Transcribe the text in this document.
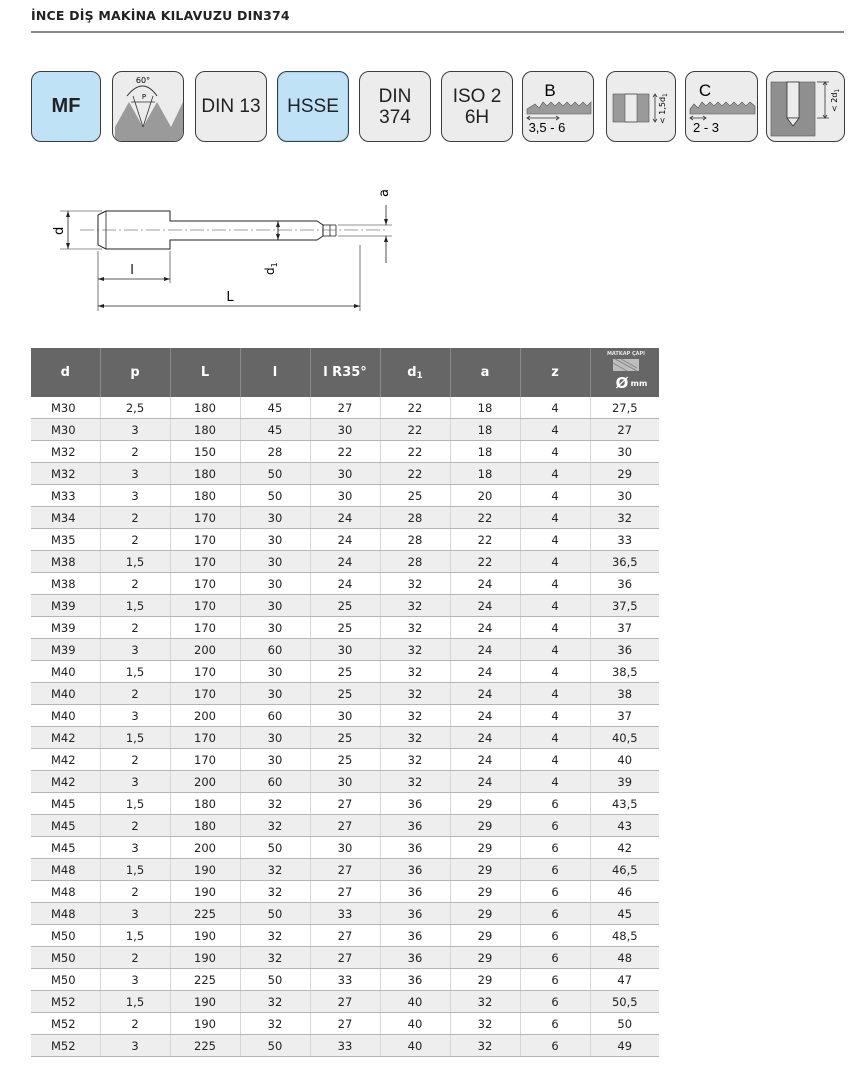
İNCE DİŞ MAKİNA KILAVUZU DIN374
MF
60°
P	DIN 13 HSSE DIN
374
ISO 2
6H
B
3,5 - 6
< $1,5d_1$ C
2 - 3
< $2d_1$
d
l
L
$d_1$
a
d	p	L	l	l R35°	$d_1$	a	z	MATKAP ÇAPI
Ø mm

M30	2,5	180	45	27	22	18	4	27,5
M30	3	180	45	30	22	18	4	27
M32	2	150	28	22	22	18	4	30
M32	3	180	50	30	22	18	4	29
M33	3	180	50	30	25	20	4	30
M34	2	170	30	24	28	22	4	32
M35	2	170	30	24	28	22	4	33
M38	1,5	170	30	24	28	22	4	36,5
M38	2	170	30	24	32	24	4	36
M39	1,5	170	30	25	32	24	4	37,5
M39	2	170	30	25	32	24	4	37
M39	3	200	60	30	32	24	4	36
M40	1,5	170	30	25	32	24	4	38,5
M40	2	170	30	25	32	24	4	38
M40	3	200	60	30	32	24	4	37
M42	1,5	170	30	25	32	24	4	40,5
M42	2	170	30	25	32	24	4	40
M42	3	200	60	30	32	24	4	39
M45	1,5	180	32	27	36	29	6	43,5
M45	2	180	32	27	36	29	6	43
M45	3	200	50	30	36	29	6	42
M48	1,5	190	32	27	36	29	6	46,5
M48	2	190	32	27	36	29	6	46
M48	3	225	50	33	36	29	6	45
M50	1,5	190	32	27	36	29	6	48,5
M50	2	190	32	27	36	29	6	48
M50	3	225	50	33	36	29	6	47
M52	1,5	190	32	27	40	32	6	50,5
M52	2	190	32	27	40	32	6	50
M52	3	225	50	33	40	32	6	49
